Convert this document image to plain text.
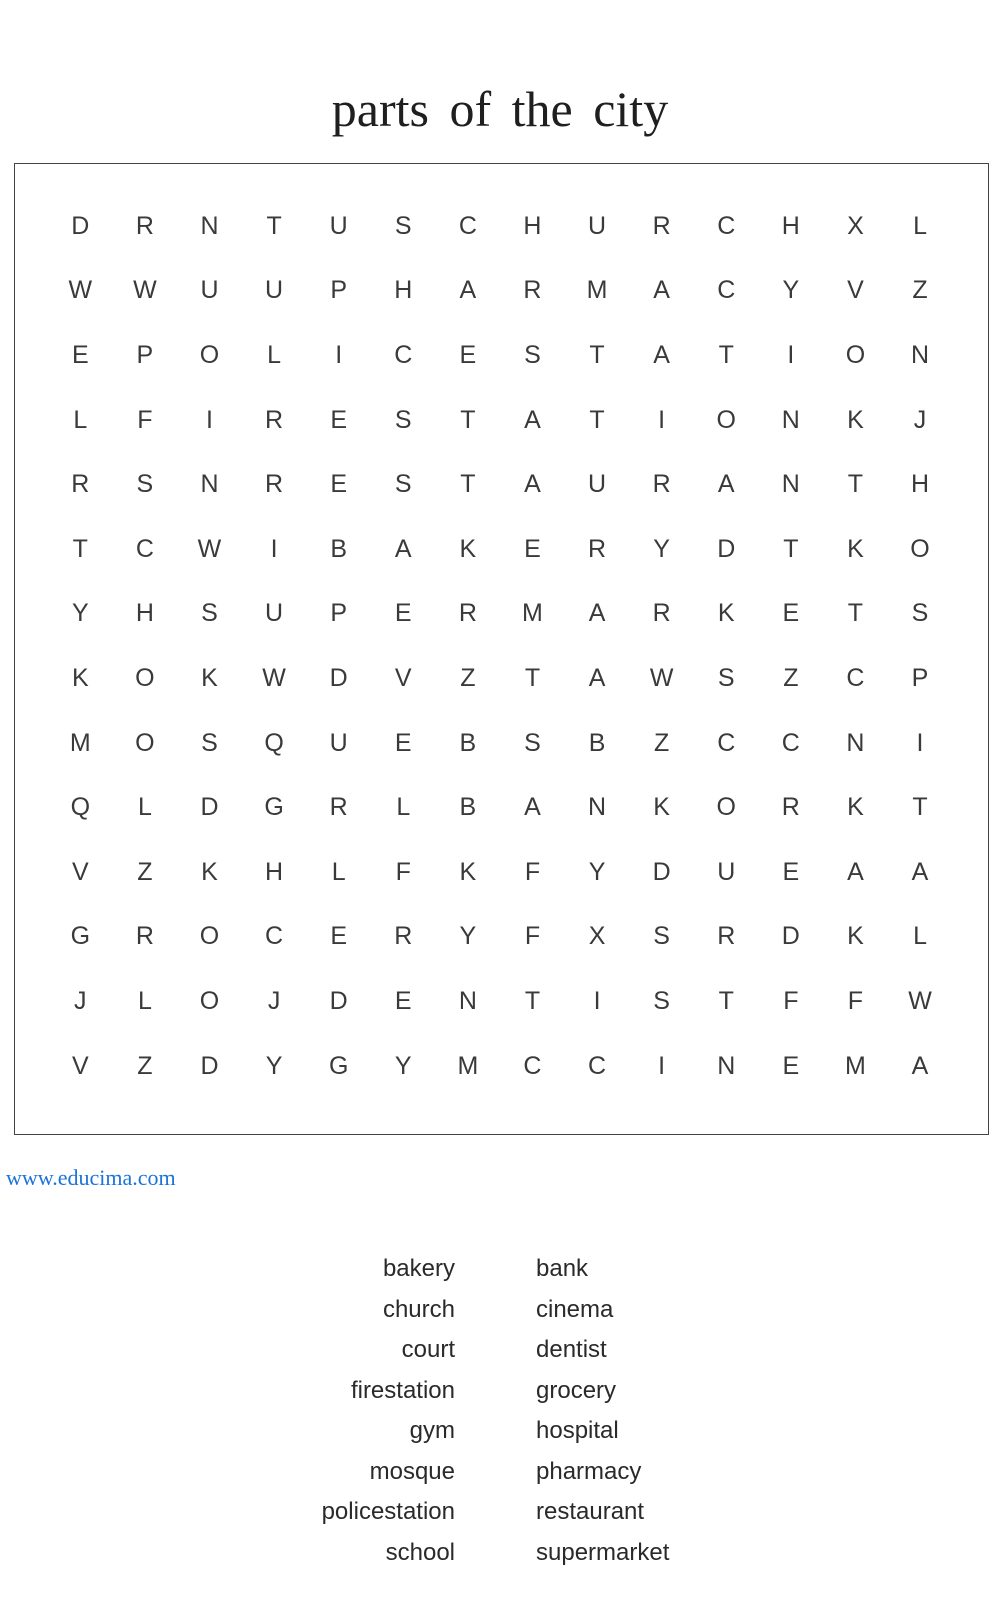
parts of the city
D	R	N	T	U	S	C	H	U	R	C	H	X	L
W	W	U	U	P	H	A	R	M	A	C	Y	V	Z
E	P	O	L	I	C	E	S	T	A	T	I	O	N
L	F	I	R	E	S	T	A	T	I	O	N	K	J
R	S	N	R	E	S	T	A	U	R	A	N	T	H
T	C	W	I	B	A	K	E	R	Y	D	T	K	O
Y	H	S	U	P	E	R	M	A	R	K	E	T	S
K	O	K	W	D	V	Z	T	A	W	S	Z	C	P
M	O	S	Q	U	E	B	S	B	Z	C	C	N	I
Q	L	D	G	R	L	B	A	N	K	O	R	K	T
V	Z	K	H	L	F	K	F	Y	D	U	E	A	A
G	R	O	C	E	R	Y	F	X	S	R	D	K	L
J	L	O	J	D	E	N	T	I	S	T	F	F	W
V	Z	D	Y	G	Y	M	C	C	I	N	E	M	A
www.educima.com
bakery
church
court
firestation
gym
mosque
policestation
school
bank
cinema
dentist
grocery
hospital
pharmacy
restaurant
supermarket
